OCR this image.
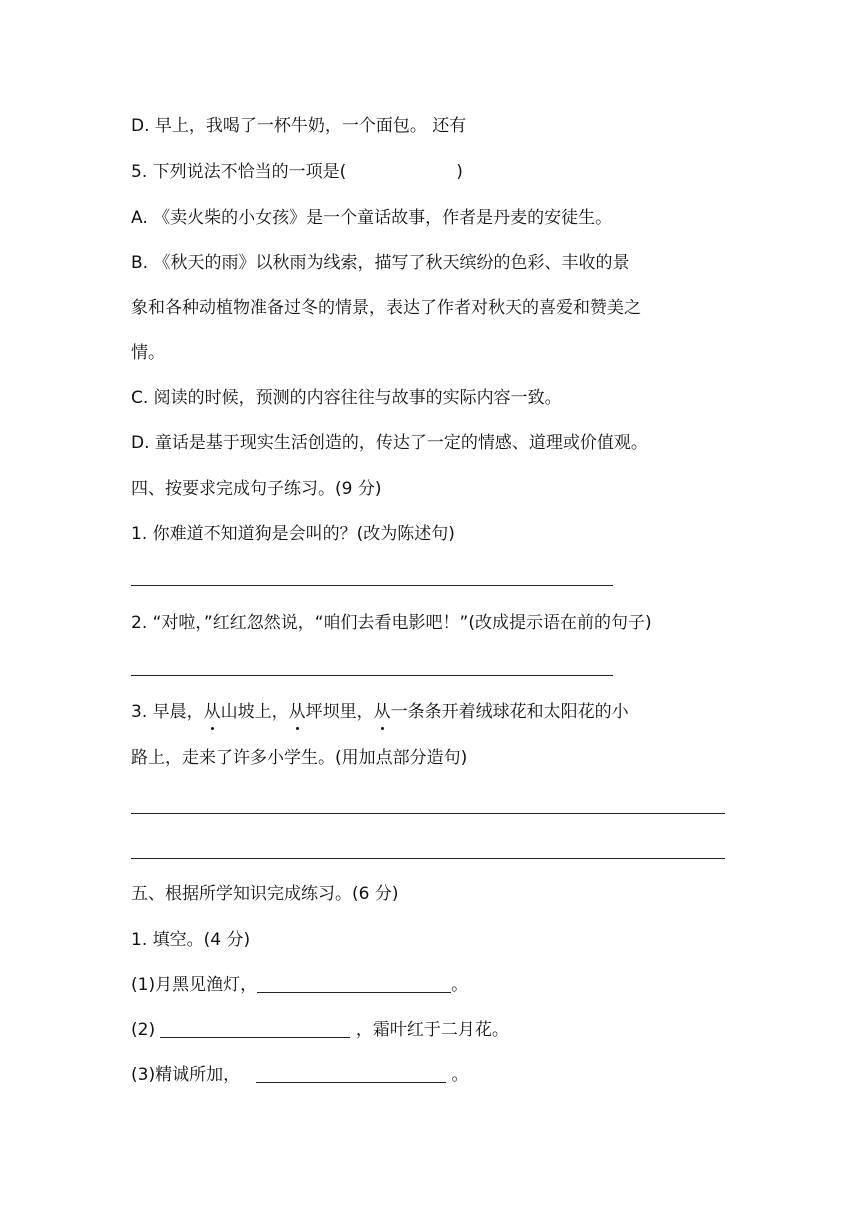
D. 早上，我喝了一杯牛奶，一个面包。 还有
5. 下列说法不恰当的一项是(	)
A. 《卖火柴的小女孩》是一个童话故事，作者是丹麦的安徒生。
B. 《秋天的雨》以秋雨为线索，描写了秋天缤纷的色彩、丰收的景
象和各种动植物准备过冬的情景，表达了作者对秋天的喜爱和赞美之
情。
C. 阅读的时候，预测的内容往往与故事的实际内容一致。
D. 童话是基于现实生活创造的，传达了一定的情感、道理或价值观。
四、按要求完成句子练习。(9 分)
1. 你难道不知道狗是会叫的？(改为陈述句)
2. “对啦，”红红忽然说，“咱们去看电影吧！”(改成提示语在前的句子)
3. 早晨，从山坡上，从坪坝里，从一条条开着绒球花和太阳花的小
路上，走来了许多小学生。(用加点部分造句)
五、根据所学知识完成练习。(6 分)
1. 填空。(4 分)
(1)月黑见渔灯，	。
(2)	，霜叶红于二月花。
(3)精诚所加，	。
